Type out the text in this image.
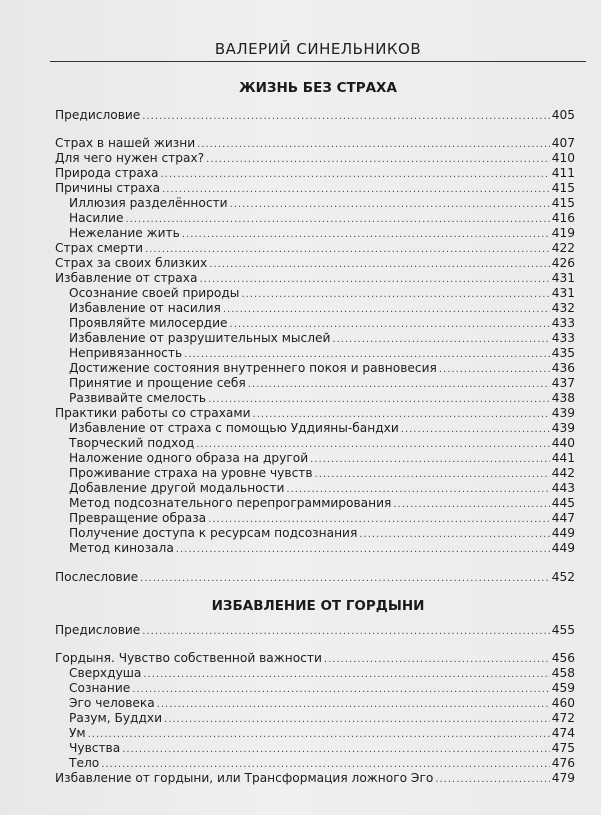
ВАЛЕРИЙ СИНЕЛЬНИКОВ
ЖИЗНЬ БЕЗ СТРАХА
Предисловие .....	405
Страх в нашей жизни .....	407
Для чего нужен страх? .....	410
Природа страха .....	411
Причины страха .....	415
Иллюзия разделённости .....	415
Насилие .....	416
Нежелание жить .....	419
Страх смерти .....	422
Страх за своих близких .....	426
Избавление от страха .....	431
Осознание своей природы .....	431
Избавление от насилия .....	432
Проявляйте милосердие .....	433
Избавление от разрушительных мыслей .....	433
Непривязанность .....	435
Достижение состояния внутреннего покоя и равновесия .....	436
Принятие и прощение себя .....	437
Развивайте смелость .....	438
Практики работы со страхами .....	439
Избавление от страха с помощью Уддияны-бандхи .....	439
Творческий подход .....	440
Наложение одного образа на другой .....	441
Проживание страха на уровне чувств .....	442
Добавление другой модальности .....	443
Метод подсознательного перепрограммирования .....	445
Превращение образа .....	447
Получение доступа к ресурсам подсознания .....	449
Метод кинозала .....	449
Послесловие .....	452
ИЗБАВЛЕНИЕ ОТ ГОРДЫНИ
Предисловие .....	455
Гордыня. Чувство собственной важности .....	456
Сверхдуша .....	458
Сознание .....	459
Эго человека .....	460
Разум, Буддхи .....	472
Ум .....	474
Чувства .....	475
Тело .....	476
Избавление от гордыни, или Трансформация ложного Эго .....	479
